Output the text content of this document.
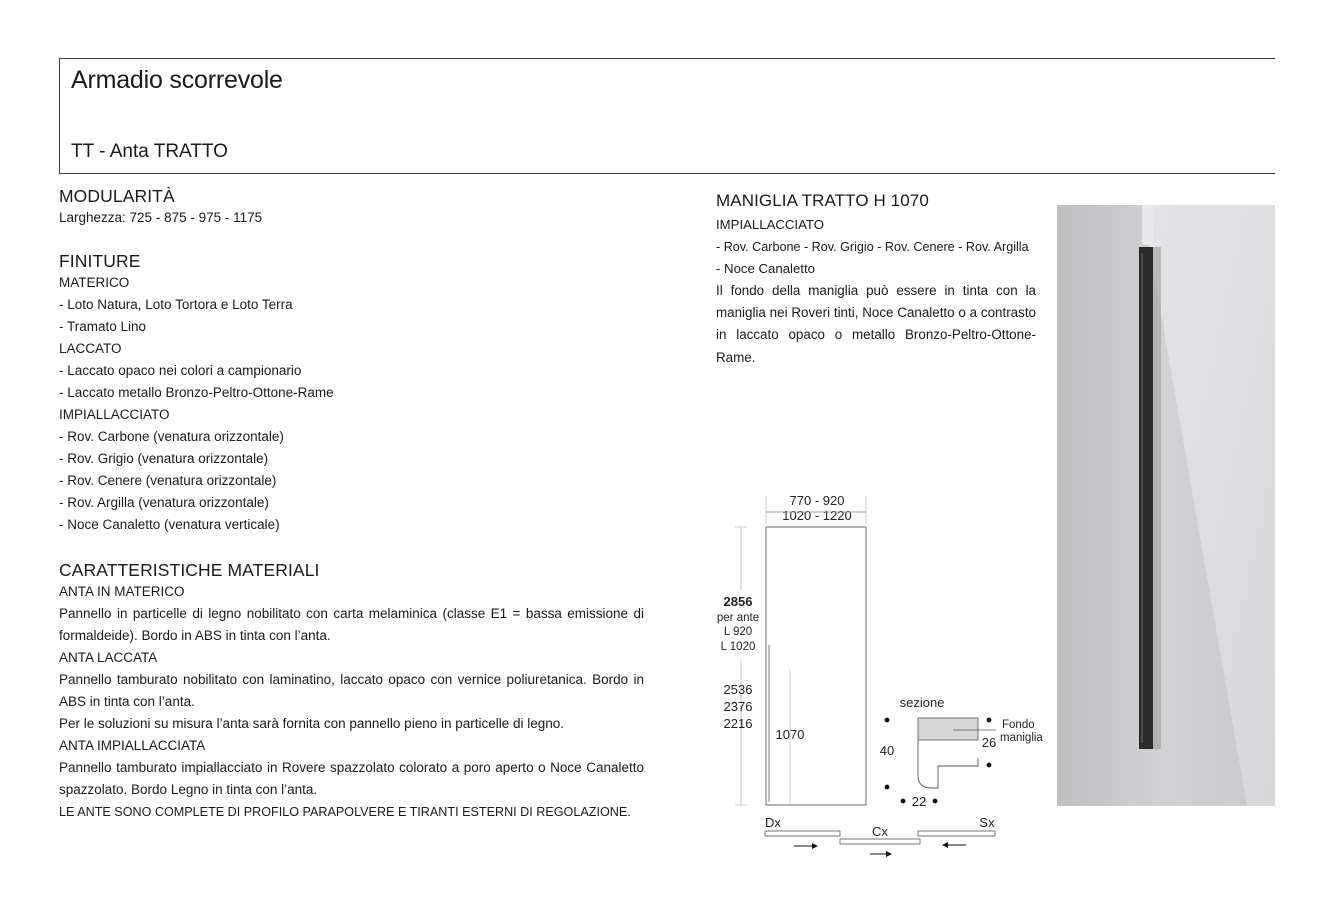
Armadio scorrevole
TT - Anta TRATTO

MODULARITÀ

Larghezza: 725 - 875 - 975 - 1175

FINITURE

MATERICO

- Loto Natura, Loto Tortora e Loto Terra

- Tramato Lino

LACCATO

- Laccato opaco nei colori a campionario

- Laccato metallo Bronzo-Peltro-Ottone-Rame

IMPIALLACCIATO

- Rov. Carbone (venatura orizzontale)

- Rov. Grigio (venatura orizzontale)

- Rov. Cenere (venatura orizzontale)

- Rov. Argilla (venatura orizzontale)

- Noce Canaletto (venatura verticale)

CARATTERISTICHE MATERIALI

ANTA IN MATERICO

Pannello in particelle di legno nobilitato con carta melaminica (classe E1 = bassa emissione di formaldeide). Bordo in ABS in tinta con l’anta.

ANTA LACCATA

Pannello tamburato nobilitato con laminatino, laccato opaco con vernice poliuretanica. Bordo in ABS in tinta con l’anta.

Per le soluzioni su misura l’anta sarà fornita con pannello pieno in particelle di legno.

ANTA IMPIALLACCIATA

Pannello tamburato impiallacciato in Rovere spazzolato colorato a poro aperto o Noce Canaletto spazzolato. Bordo Legno in tinta con l’anta.

LE ANTE SONO COMPLETE DI PROFILO PARAPOLVERE E TIRANTI ESTERNI DI REGOLAZIONE.

MANIGLIA TRATTO H 1070

IMPIALLACCIATO

- Rov. Carbone - Rov. Grigio - Rov. Cenere - Rov. Argilla

- Noce Canaletto

Il fondo della maniglia può essere in tinta con la maniglia nei Roveri tinti, Noce Canaletto o a contrasto in laccato opaco o metallo Bronzo-Peltro-Ottone-Rame.

770 - 920
1020 - 1220
2856
per ante
L 920
L 1020
2536
2376
2216
1070
sezione
40
26
22
Fondo
maniglia
Dx
Cx
Sx
